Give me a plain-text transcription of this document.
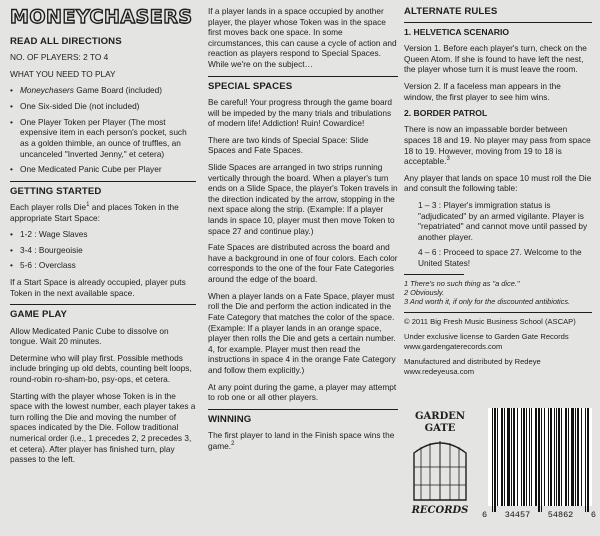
MONEYCHASERS
READ ALL DIRECTIONS

NO. OF PLAYERS: 2 TO 4

WHAT YOU NEED TO PLAY

• Moneychasers Game Board (included)
• One Six-sided Die (not included)
• One Player Token per Player (The most expensive item in each person's pocket, such as a golden thimble, an ounce of truffles, an uncanceled "Inverted Jenny," et cetera)
• One Medicated Panic Cube per Player
GETTING STARTED

Each player rolls Die$^1$ and places Token in the appropriate Start Space:

• 1-2 : Wage Slaves
• 3-4 : Bourgeoisie
• 5-6 : Overclass

If a Start Space is already occupied, player puts Token in the next available space.

GAME PLAY

Allow Medicated Panic Cube to dissolve on tongue. Wait 20 minutes.

Determine who will play first. Possible methods include bringing up old debts, counting belt loops, round-robin ro-sham-bo, psy-ops, et cetera.

Starting with the player whose Token is in the space with the lowest number, each player takes a turn rolling the Die and moving the number of spaces indicated by the Die. Follow traditional numerical order (i.e., 1 precedes 2, 2 precedes 3, et cetera). After player has finished turn, play passes to the left.

If a player lands in a space occupied by another player, the player whose Token was in the space first moves back one space. In some circumstances, this can cause a cycle of action and reaction as players respond to Special Spaces. While we're on the subject…

SPECIAL SPACES

Be careful! Your progress through the game board will be impeded by the many trials and tribulations of modern life! Addiction! Ruin! Cowardice!

There are two kinds of Special Space: Slide Spaces and Fate Spaces.

Slide Spaces are arranged in two strips running vertically through the board. When a player's turn ends on a Slide Space, the player's Token travels in the direction indicated by the arrow, stopping in the next space along the strip. (Example: If a player lands in space 10, player must then move Token to space 27 and continue play.)

Fate Spaces are distributed across the board and have a background in one of four colors. Each color corresponds to the one of the four Fate Categories around the edge of the board.

When a player lands on a Fate Space, player must roll the Die and perform the action indicated in the Fate Category that matches the color of the space. (Example: If a player lands in an orange space, player then rolls the Die and gets a certain number. 4, for example. Player must then read the instructions in space 4 in the orange Fate Category and follow them explicitly.)

At any point during the game, a player may attempt to rob one or all other players.

WINNING

The first player to land in the Finish space wins the game.$^2$

ALTERNATE RULES
1. HELVETICA SCENARIO

Version 1. Before each player's turn, check on the Queen Atom. If she is found to have left the nest, the player whose turn it is must leave the room.

Version 2. If a faceless man appears in the window, the first player to see him wins.

2. BORDER PATROL

There is now an impassable border between spaces 18 and 19. No player may pass from space 18 to 19. However, moving from 19 to 18 is acceptable.$^3$

Any player that lands on space 10 must roll the Die and consult the following table:

1 – 3 : Player's immigration status is "adjudicated" by an armed vigilante. Player is "repatriated" and cannot move until passed by another player.
4 – 6 : Proceed to space 27. Welcome to the United States!
1 There's no such thing as "a dice."
2 Obviously.
3 And worth it, if only for the discounted antibiotics.

© 2011 Big Fresh Music Business School (ASCAP)

Under exclusive license to Garden Gate Records www.gardengaterecords.com

Manufactured and distributed by Redeye www.redeyeusa.com

GARDEN
GATE
RECORDS 6 34457 54862 6
